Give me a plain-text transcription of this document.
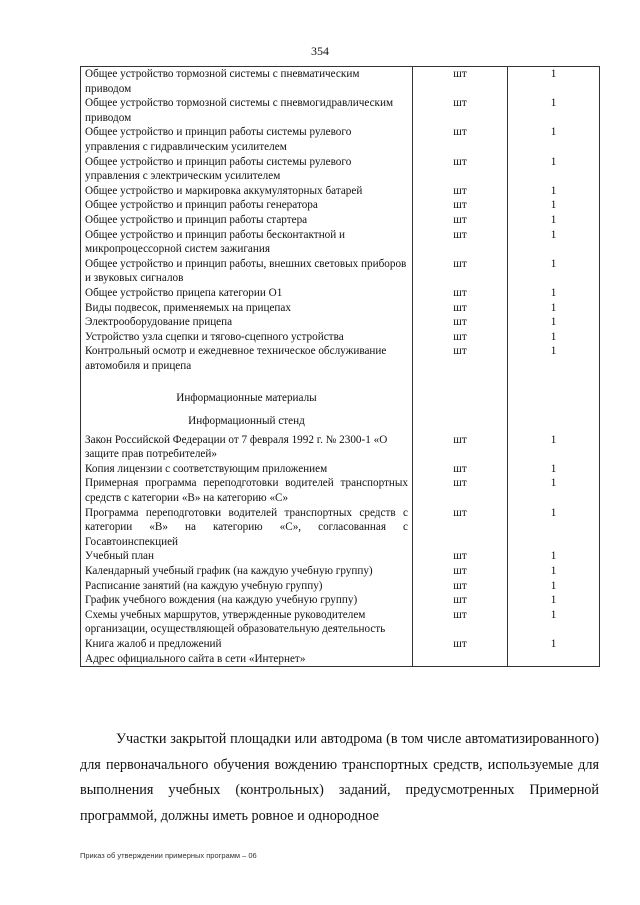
354
Общее устройство тормозной системы с пневматическим приводом	шт	1
Общее устройство тормозной системы с пневмогидравлическим приводом	шт	1
Общее устройство и принцип работы системы рулевого управления с гидравлическим усилителем	шт	1
Общее устройство и принцип работы системы рулевого управления с электрическим усилителем	шт	1
Общее устройство и маркировка аккумуляторных батарей	шт	1
Общее устройство и принцип работы генератора	шт	1
Общее устройство и принцип работы стартера	шт	1
Общее устройство и принцип работы бесконтактной и микропроцессорной систем зажигания	шт	1
Общее устройство и принцип работы, внешних световых приборов и звуковых сигналов	шт	1
Общее устройство прицепа категории О1	шт	1
Виды подвесок, применяемых на прицепах	шт	1
Электрооборудование прицепа	шт	1
Устройство узла сцепки и тягово-сцепного устройства	шт	1
Контрольный осмотр и ежедневное техническое обслуживание автомобиля и прицепа	шт	1

Информационные материалы		
Информационный стенд		
Закон Российской Федерации от 7 февраля 1992 г. № 2300-1 «О защите прав потребителей»	шт	1
Копия лицензии с соответствующим приложением	шт	1
Примерная программа переподготовки водителей транспортных средств с категории «В» на категорию «С»	шт	1
Программа переподготовки водителей транспортных средств с категории «В» на категорию «С», согласованная с Госавтоинспекцией	шт	1
Учебный план	шт	1
Календарный учебный график (на каждую учебную группу)	шт	1
Расписание занятий (на каждую учебную группу)	шт	1
График учебного вождения (на каждую учебную группу)	шт	1
Схемы учебных маршрутов, утвержденные руководителем организации, осуществляющей образовательную деятельность	шт	1
Книга жалоб и предложений	шт	1
Адрес официального сайта в сети «Интернет»		

Участки закрытой площадки или автодрома (в том числе автоматизированного) для первоначального обучения вождению транспортных средств, используемые для выполнения учебных (контрольных) заданий, предусмотренных Примерной программой, должны иметь ровное и однородное

Приказ об утверждении примерных программ – 06
